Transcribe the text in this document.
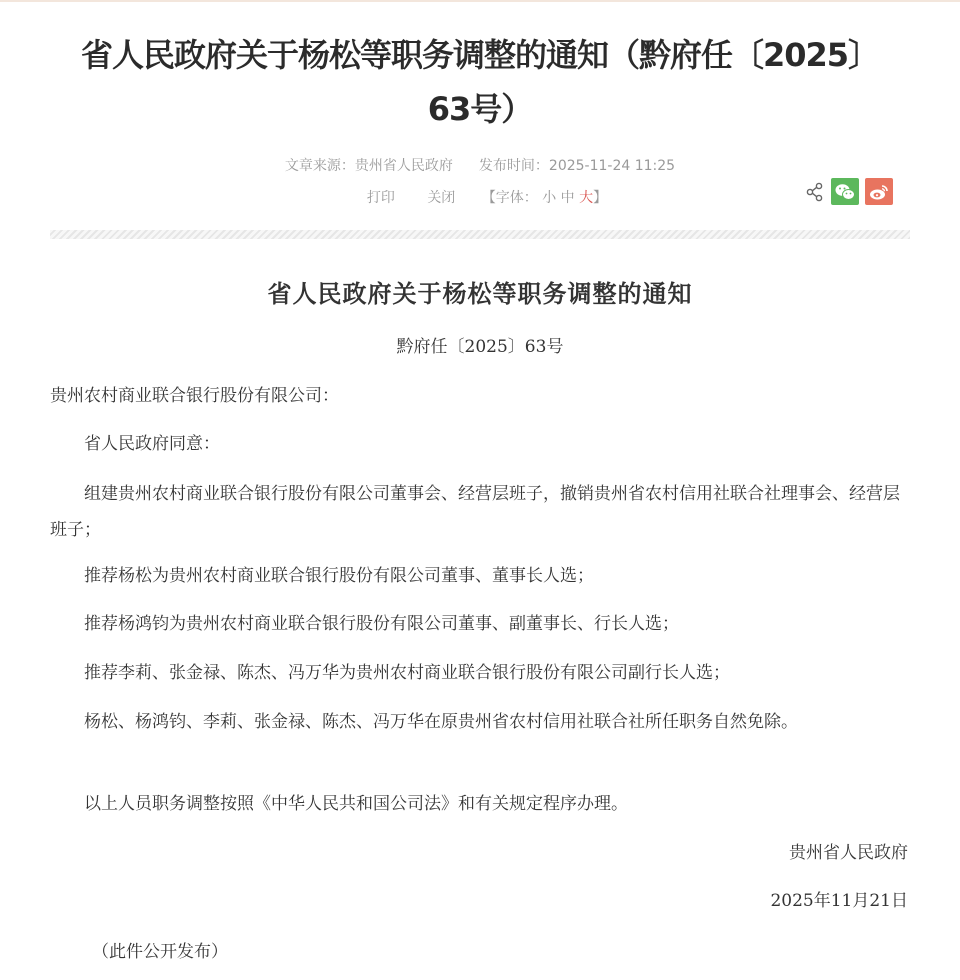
省人民政府关于杨松等职务调整的通知（黔府任〔2025〕63号）
文章来源：贵州省人民政府 发布时间：2025-11-24 11:25
打印 关闭 【字体： 小 中 大】
省人民政府关于杨松等职务调整的通知
黔府任〔2025〕63号
贵州农村商业联合银行股份有限公司：
省人民政府同意：
组建贵州农村商业联合银行股份有限公司董事会、经营层班子，撤销贵州省农村信用社联合社理事会、经营层班子；
推荐杨松为贵州农村商业联合银行股份有限公司董事、董事长人选；
推荐杨鸿钧为贵州农村商业联合银行股份有限公司董事、副董事长、行长人选；
推荐李莉、张金禄、陈杰、冯万华为贵州农村商业联合银行股份有限公司副行长人选；
杨松、杨鸿钧、李莉、张金禄、陈杰、冯万华在原贵州省农村信用社联合社所任职务自然免除。
以上人员职务调整按照《中华人民共和国公司法》和有关规定程序办理。
贵州省人民政府
2025年11月21日
（此件公开发布）
